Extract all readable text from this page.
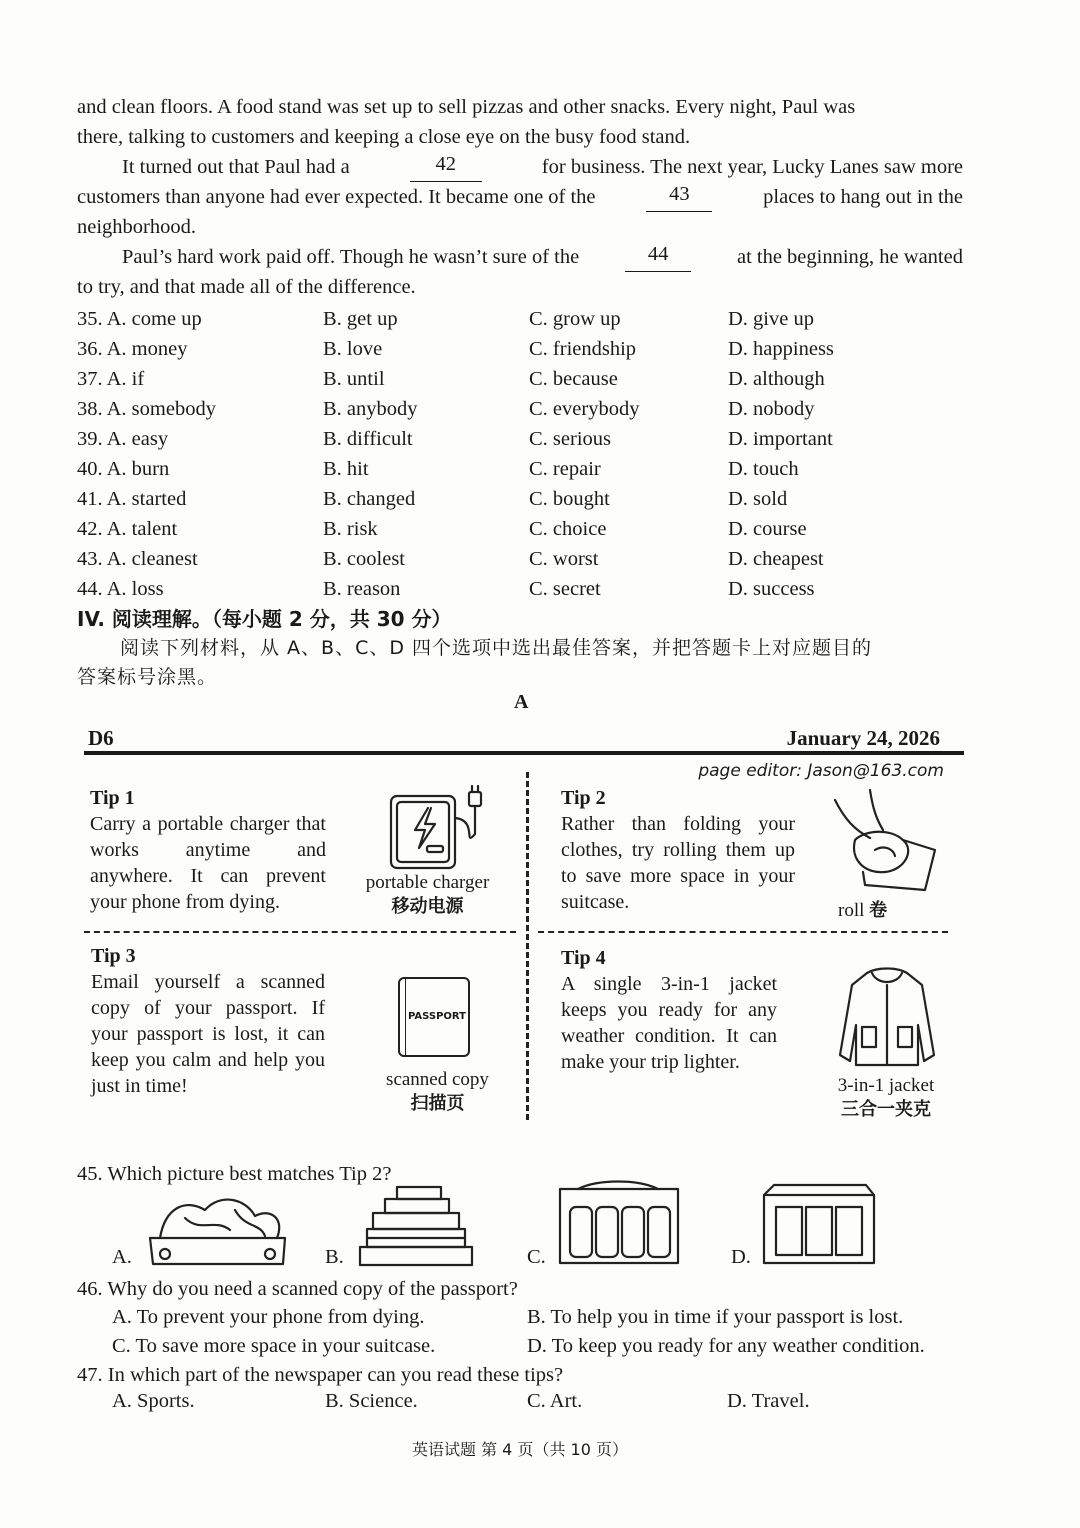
and clean floors. A food stand was set up to sell pizzas and other snacks. Every night, Paul was
there, talking to customers and keeping a close eye on the busy food stand.
It turned out that Paul had a	42	for business. The next year, Lucky Lanes saw more
customers than anyone had ever expected. It became one of the	43	places to hang out in the
neighborhood.
Paul’s hard work paid off. Though he wasn’t sure of the	44	at the beginning, he wanted
to try, and that made all of the difference.
35. A. come up	B. get up	C. grow up	D. give up
36. A. money	B. love	C. friendship	D. happiness
37. A. if	B. until	C. because	D. although
38. A. somebody	B. anybody	C. everybody	D. nobody
39. A. easy	B. difficult	C. serious	D. important
40. A. burn	B. hit	C. repair	D. touch
41. A. started	B. changed	C. bought	D. sold
42. A. talent	B. risk	C. choice	D. course
43. A. cleanest	B. coolest	C. worst	D. cheapest
44. A. loss	B. reason	C. secret	D. success
IV. 阅读理解。（每小题 2 分，共 30 分）
阅读下列材料，从 A、B、C、D 四个选项中选出最佳答案，并把答题卡上对应题目的
答案标号涂黑。
A
D6	January 24, 2026
page editor: Jason@163.com
Tip 1
Carry a portable charger that works anytime and anywhere. It can prevent your phone from dying.
portable charger
移动电源
Tip 2
Rather than folding your clothes, try rolling them up to save more space in your suitcase.	roll 卷
Tip 3
Email yourself a scanned copy of your passport. If your passport is lost, it can keep you calm and help you just in time!
PASSPORT
scanned copy
扫描页
Tip 4
A single 3-in-1 jacket keeps you ready for any weather condition. It can make your trip lighter.
3-in-1 jacket
三合一夹克
45. Which picture best matches Tip 2?
A.	B.	C.	D.
46. Why do you need a scanned copy of the passport?
A. To prevent your phone from dying.	B. To help you in time if your passport is lost.
C. To save more space in your suitcase.	D. To keep you ready for any weather condition.
47. In which part of the newspaper can you read these tips?
A. Sports.	B. Science.	C. Art.	D. Travel.
英语试题 第 4 页（共 10 页）
